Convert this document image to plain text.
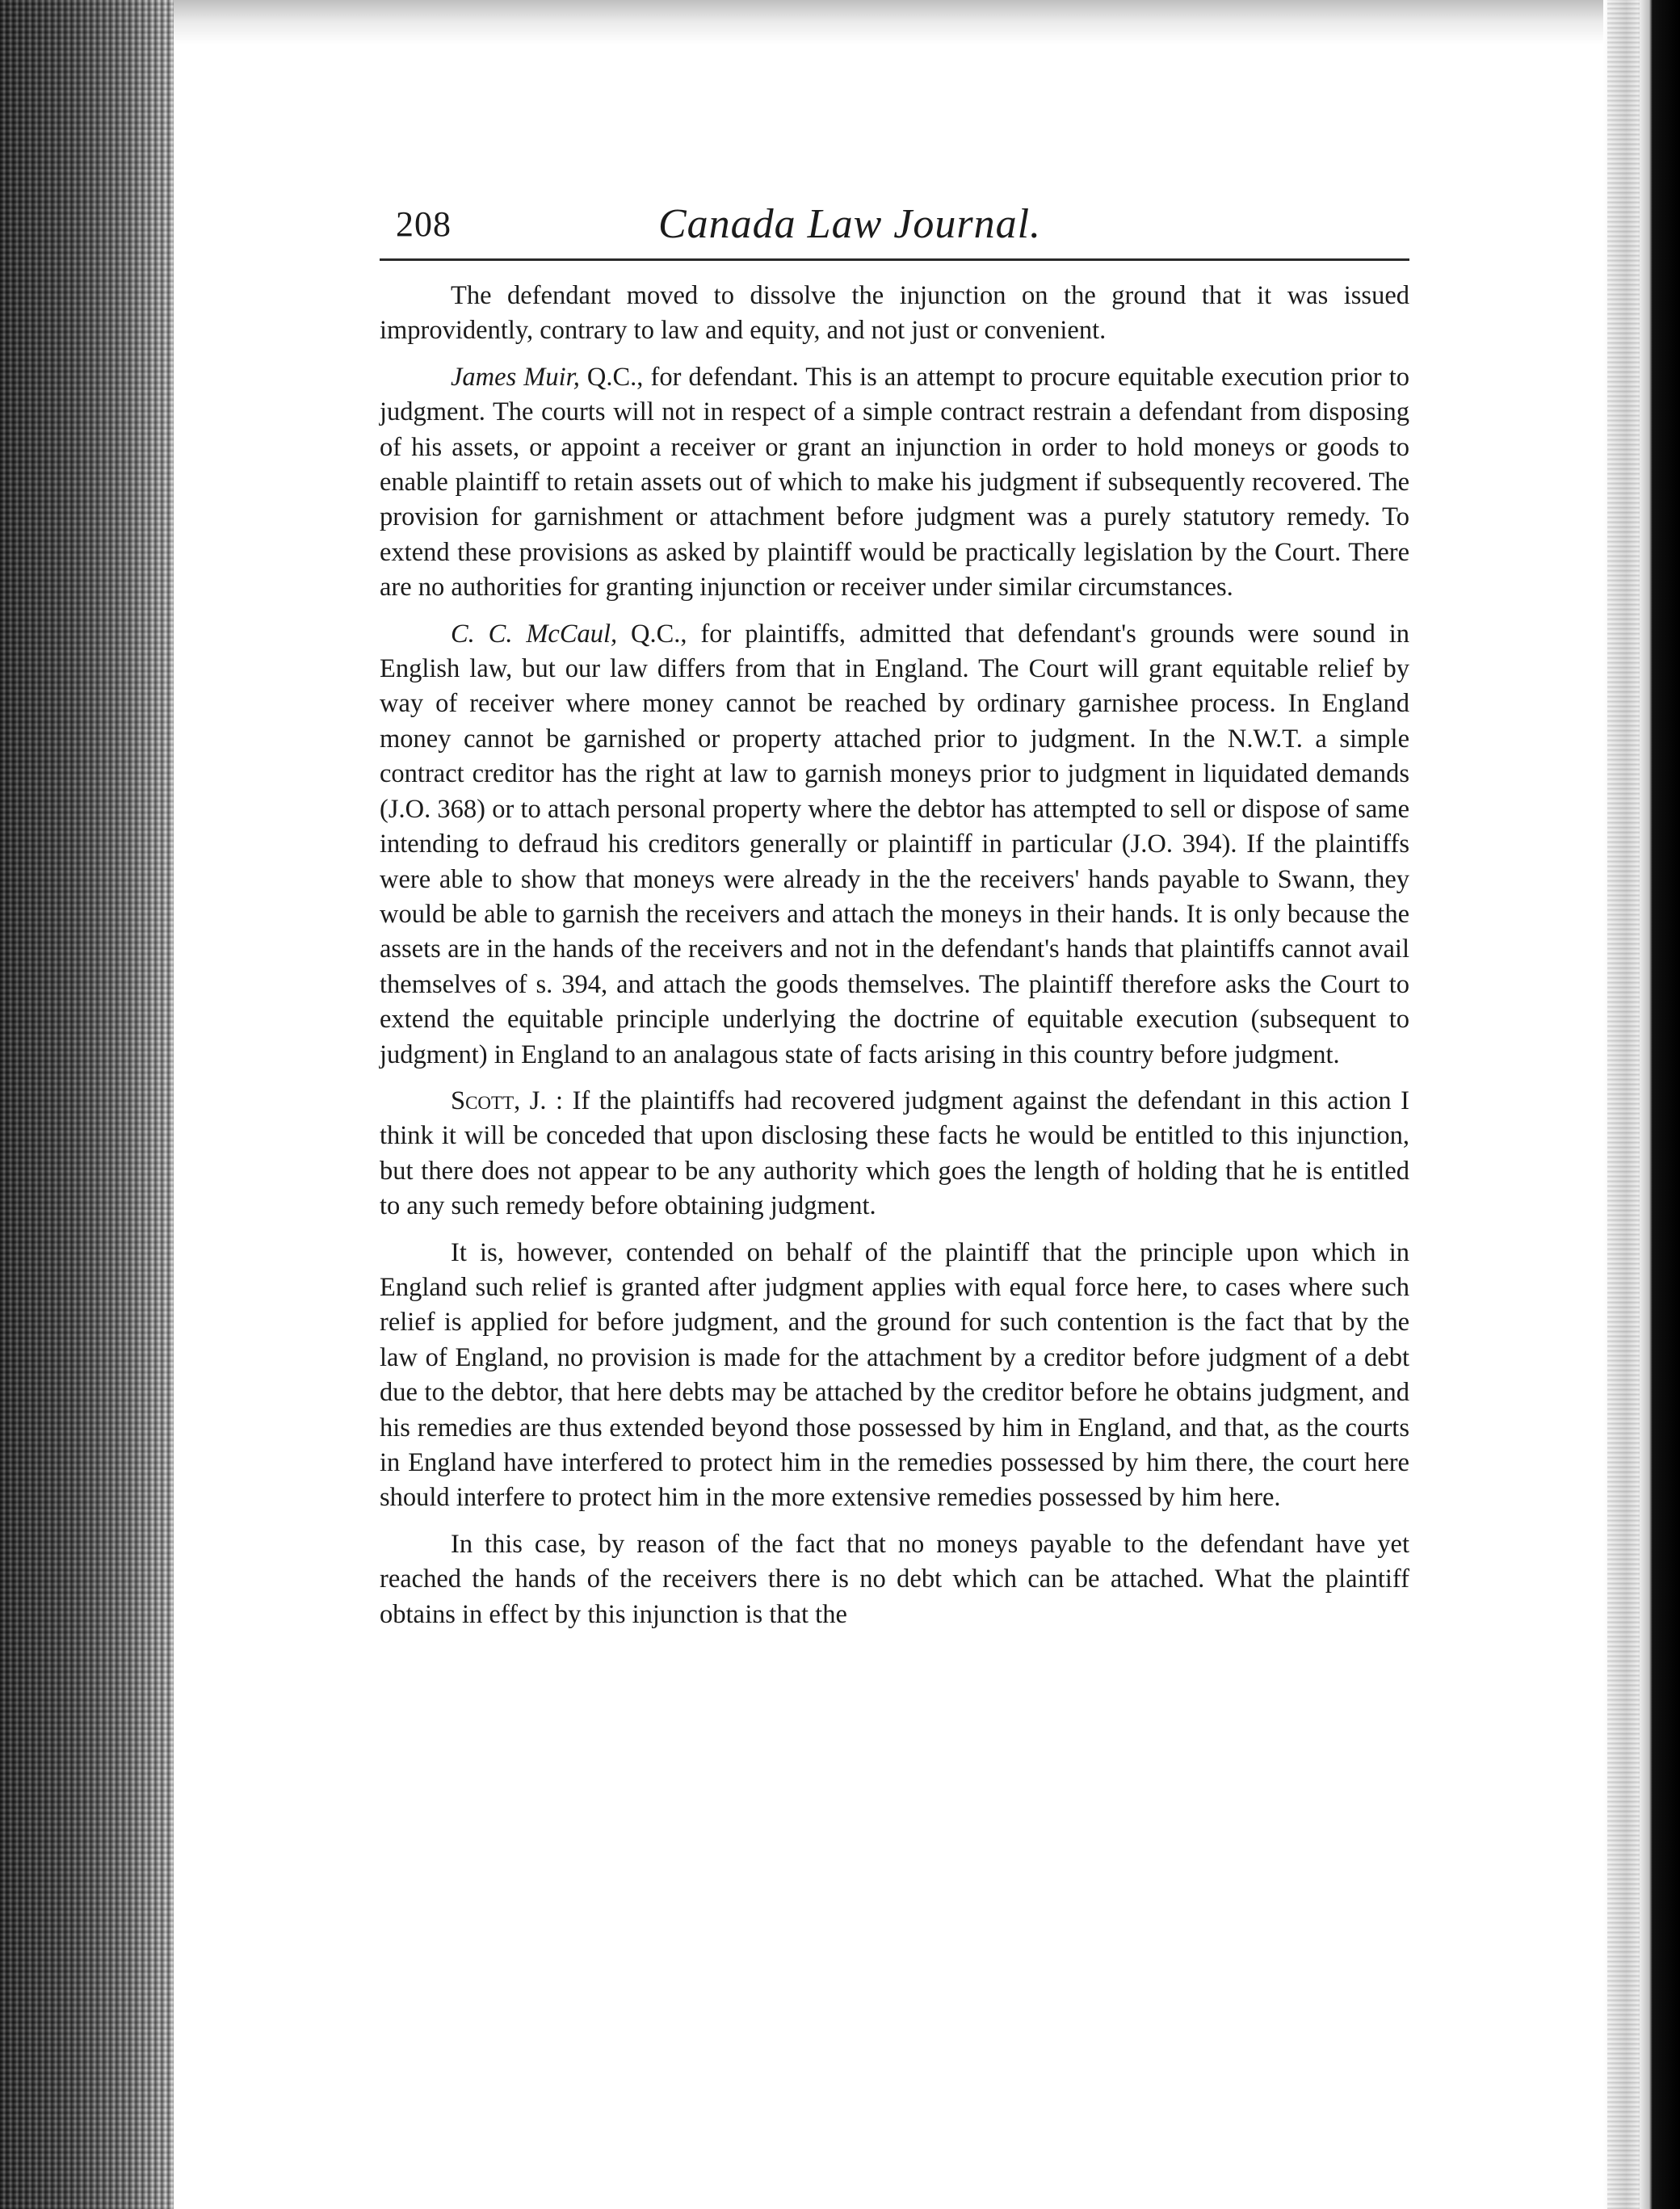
208	Canada Law Journal.

The defendant moved to dissolve the injunction on the ground that it was issued improvidently, contrary to law and equity, and not just or convenient.

James Muir, Q.C., for defendant. This is an attempt to procure equitable execution prior to judgment. The courts will not in respect of a simple contract restrain a defendant from disposing of his assets, or appoint a receiver or grant an injunction in order to hold moneys or goods to enable plaintiff to retain assets out of which to make his judgment if subsequently recovered. The provision for garnishment or attachment before judgment was a purely statutory remedy. To extend these provisions as asked by plaintiff would be practically legislation by the Court. There are no authorities for granting injunction or receiver under similar circumstances.

C. C. McCaul, Q.C., for plaintiffs, admitted that defendant's grounds were sound in English law, but our law differs from that in England. The Court will grant equitable relief by way of receiver where money cannot be reached by ordinary garnishee process. In England money cannot be garnished or property attached prior to judgment. In the N.W.T. a simple contract creditor has the right at law to garnish moneys prior to judgment in liquidated demands (J.O. 368) or to attach personal property where the debtor has attempted to sell or dispose of same intending to defraud his creditors generally or plaintiff in particular (J.O. 394). If the plaintiffs were able to show that moneys were already in the the receivers' hands payable to Swann, they would be able to garnish the receivers and attach the moneys in their hands. It is only because the assets are in the hands of the receivers and not in the defendant's hands that plaintiffs cannot avail themselves of s. 394, and attach the goods themselves. The plaintiff therefore asks the Court to extend the equitable principle underlying the doctrine of equitable execution (subsequent to judgment) in England to an analagous state of facts arising in this country before judgment.

Scott, J. : If the plaintiffs had recovered judgment against the defendant in this action I think it will be conceded that upon disclosing these facts he would be entitled to this injunction, but there does not appear to be any authority which goes the length of holding that he is entitled to any such remedy before obtaining judgment.

It is, however, contended on behalf of the plaintiff that the principle upon which in England such relief is granted after judgment applies with equal force here, to cases where such relief is applied for before judgment, and the ground for such contention is the fact that by the law of England, no provision is made for the attachment by a creditor before judgment of a debt due to the debtor, that here debts may be attached by the creditor before he obtains judgment, and his remedies are thus extended beyond those possessed by him in England, and that, as the courts in England have interfered to protect him in the remedies possessed by him there, the court here should interfere to protect him in the more extensive remedies possessed by him here.

In this case, by reason of the fact that no moneys payable to the defendant have yet reached the hands of the receivers there is no debt which can be attached. What the plaintiff obtains in effect by this injunction is that the
